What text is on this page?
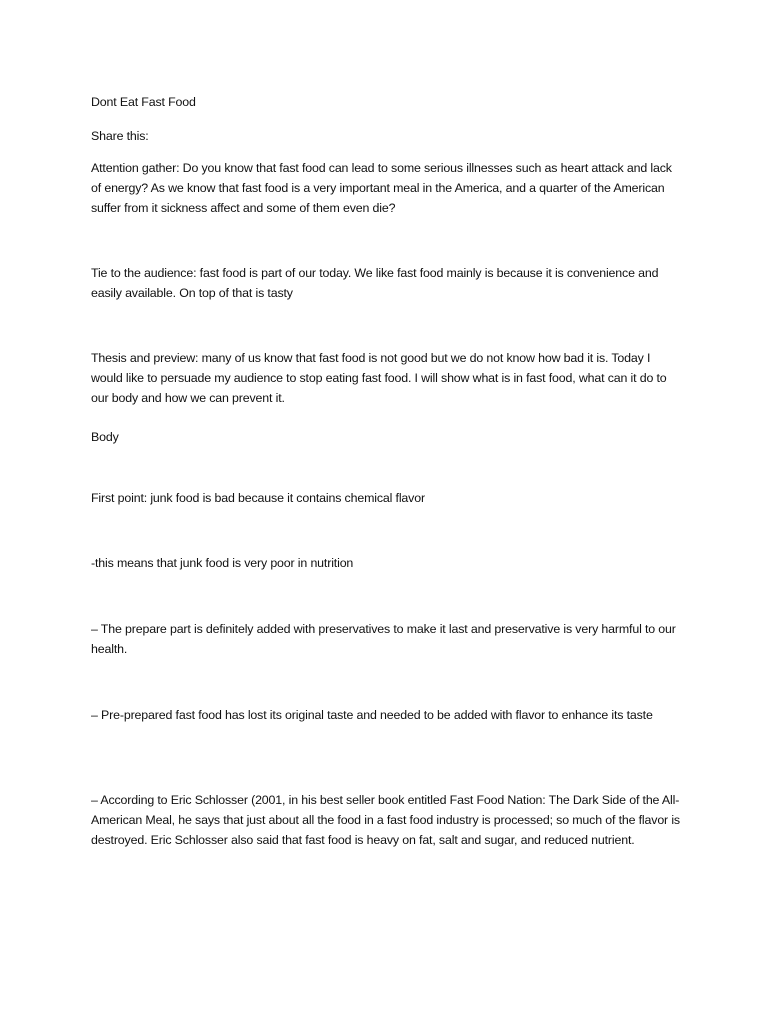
Dont Eat Fast Food

Share this:

Attention gather: Do you know that fast food can lead to some serious illnesses such as heart attack and lack of energy? As we know that fast food is a very important meal in the America, and a quarter of the American suffer from it sickness affect and some of them even die?

Tie to the audience: fast food is part of our today. We like fast food mainly is because it is convenience and easily available. On top of that is tasty

Thesis and preview: many of us know that fast food is not good but we do not know how bad it is. Today I would like to persuade my audience to stop eating fast food. I will show what is in fast food, what can it do to our body and how we can prevent it.

Body

First point: junk food is bad because it contains chemical flavor

-this means that junk food is very poor in nutrition

– The prepare part is definitely added with preservatives to make it last and preservative is very harmful to our health.

– Pre-prepared fast food has lost its original taste and needed to be added with flavor to enhance its taste

– According to Eric Schlosser (2001, in his best seller book entitled Fast Food Nation: The Dark Side of the All-American Meal, he says that just about all the food in a fast food industry is processed; so much of the flavor is destroyed. Eric Schlosser also said that fast food is heavy on fat, salt and sugar, and reduced nutrient.
